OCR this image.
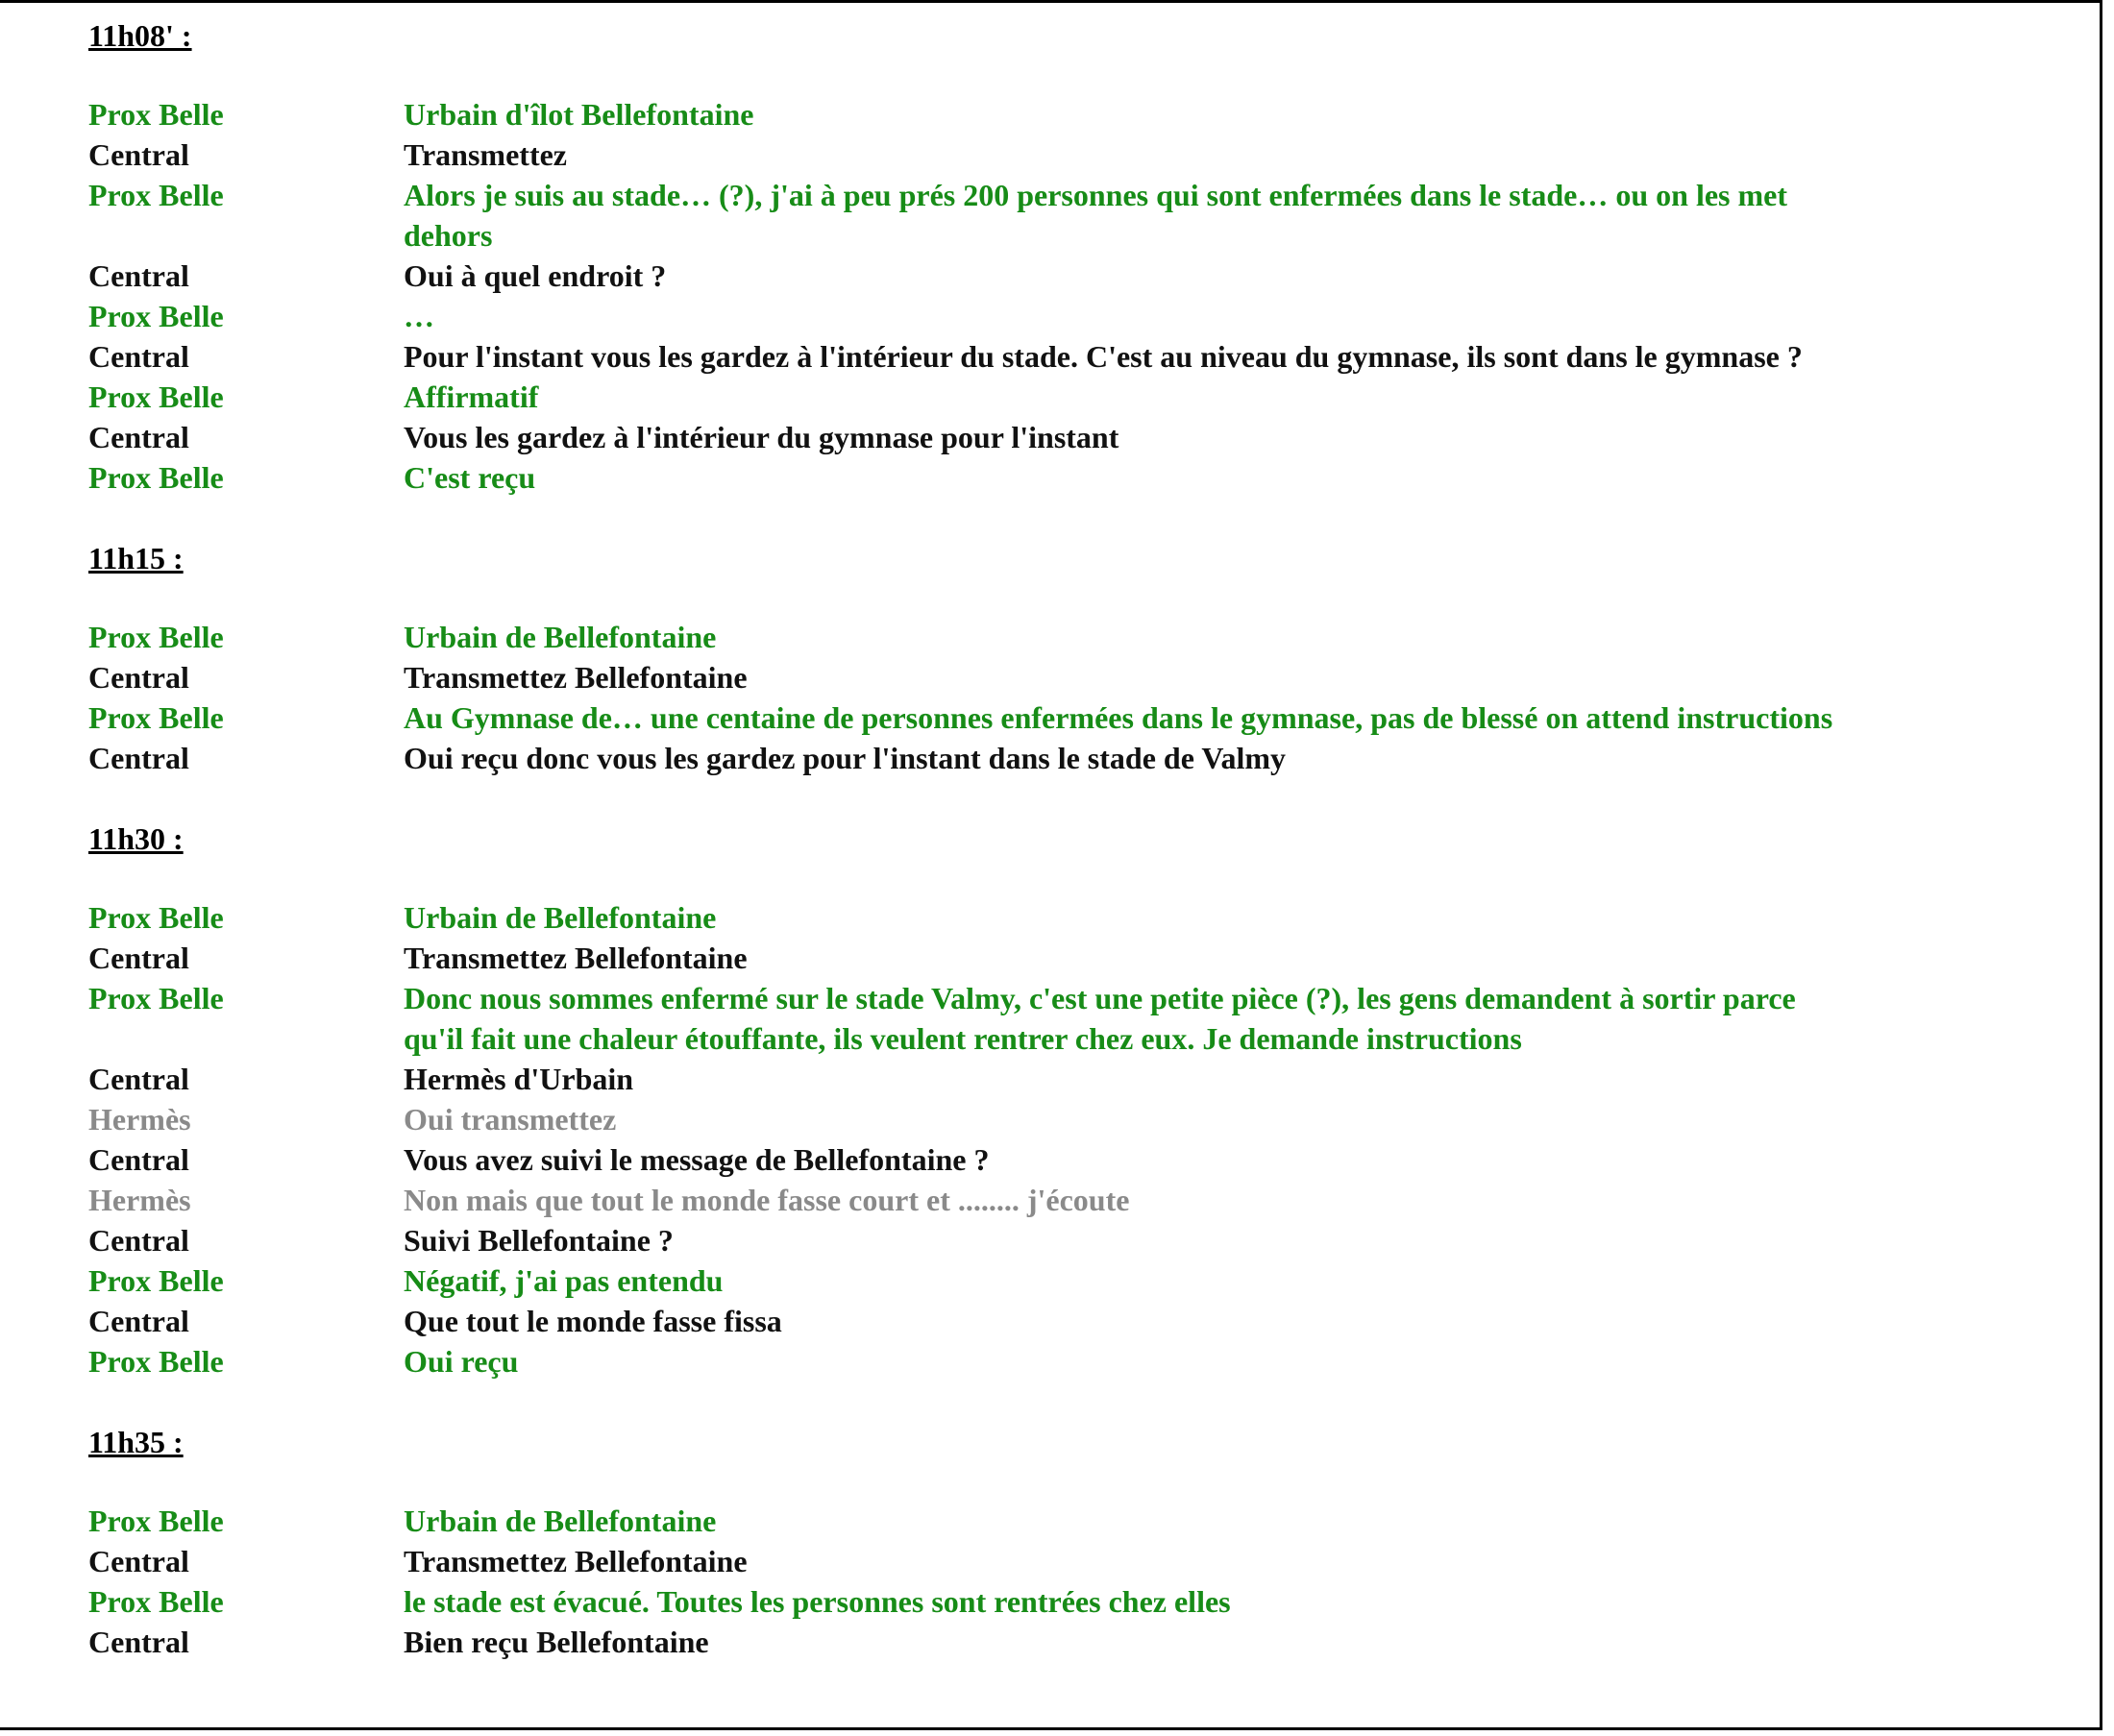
11h08' :
Prox Belle	Urbain d'îlot Bellefontaine
Central	Transmettez
Prox Belle	Alors je suis au stade… (?), j'ai à peu prés 200 personnes qui sont enfermées dans le stade… ou on les met
dehors
Central	Oui à quel endroit ?
Prox Belle	…
Central	Pour l'instant vous les gardez à l'intérieur du stade. C'est au niveau du gymnase, ils sont dans le gymnase ?
Prox Belle	Affirmatif
Central	Vous les gardez à l'intérieur du gymnase pour l'instant
Prox Belle	C'est reçu
11h15 :
Prox Belle	Urbain de Bellefontaine
Central	Transmettez Bellefontaine
Prox Belle	Au Gymnase de… une centaine de personnes enfermées dans le gymnase, pas de blessé on attend instructions
Central	Oui reçu donc vous les gardez pour l'instant dans le stade de Valmy
11h30 :
Prox Belle	Urbain de Bellefontaine
Central	Transmettez Bellefontaine
Prox Belle	Donc nous sommes enfermé sur le stade Valmy, c'est une petite pièce (?), les gens demandent à sortir parce
qu'il fait une chaleur étouffante, ils veulent rentrer chez eux. Je demande instructions
Central	Hermès d'Urbain
Hermès	Oui transmettez
Central	Vous avez suivi le message de Bellefontaine ?
Hermès	Non mais que tout le monde fasse court et ........ j'écoute
Central	Suivi Bellefontaine ?
Prox Belle	Négatif, j'ai pas entendu
Central	Que tout le monde fasse fissa
Prox Belle	Oui reçu
11h35 :
Prox Belle	Urbain de Bellefontaine
Central	Transmettez Bellefontaine
Prox Belle	le stade est évacué. Toutes les personnes sont rentrées chez elles
Central	Bien reçu Bellefontaine
